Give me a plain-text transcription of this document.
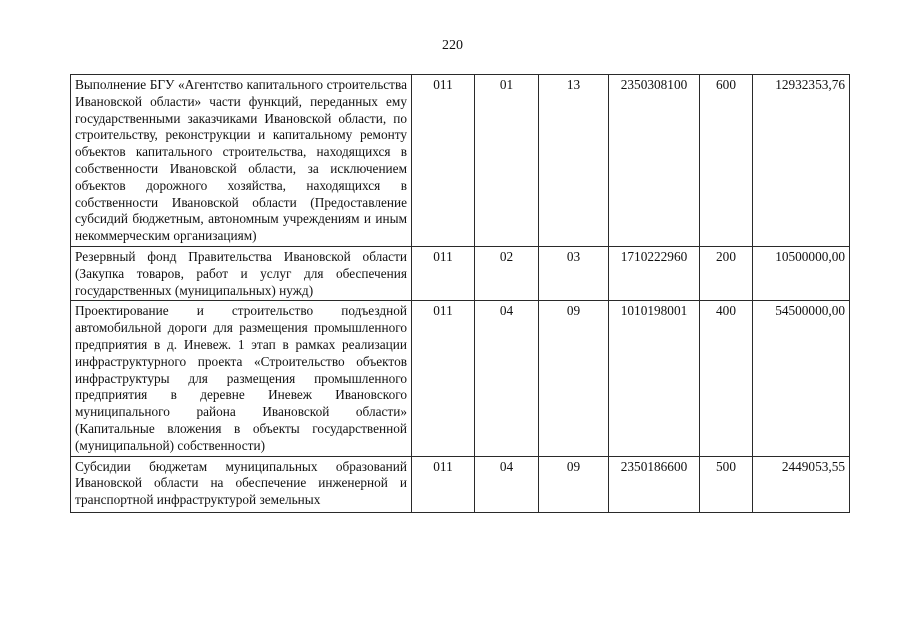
220
Выполнение БГУ «Агентство капитального строительства Ивановской области» части функций, переданных ему государственными заказчиками Ивановской области, по строительству, реконструкции и капитальному ремонту объектов капитального строительства, находящихся в собственности Ивановской области, за исключением объектов дорожного хозяйства, находящихся в собственности Ивановской области (Предоставление субсидий бюджетным, автономным учреждениям и иным некоммерческим организациям)	011	01	13	2350308100	600	12932353,76
Резервный фонд Правительства Ивановской области (Закупка товаров, работ и услуг для обеспечения государственных (муниципальных) нужд)	011	02	03	1710222960	200	10500000,00
Проектирование и строительство подъездной автомобильной дороги для размещения промышленного предприятия в д. Иневеж. 1 этап в рамках реализации инфраструктурного проекта «Строительство объектов инфраструктуры для размещения промышленного предприятия в деревне Иневеж Ивановского муниципального района Ивановской области» (Капитальные вложения в объекты государственной (муниципальной) собственности)	011	04	09	1010198001	400	54500000,00

Субсидии бюджетам муниципальных образований Ивановской области на обеспечение инженерной и транспортной инфраструктурой земельных	011	04	09	2350186600	500	2449053,55
